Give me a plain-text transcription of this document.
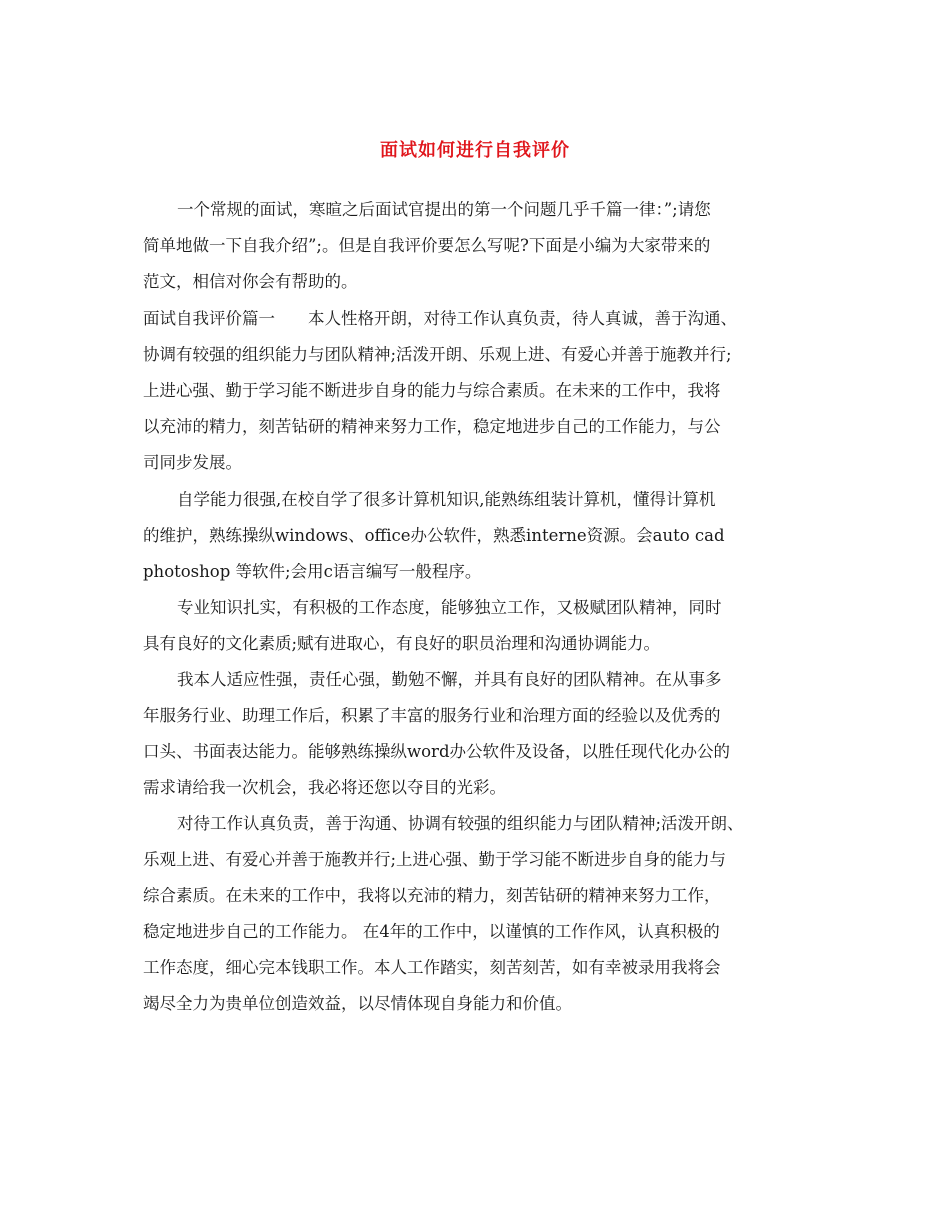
面试如何进行自我评价

一个常规的面试，寒暄之后面试官提出的第一个问题几乎千篇一律：”;请您

简单地做一下自我介绍”;。但是自我评价要怎么写呢?下面是小编为大家带来的

范文，相信对你会有帮助的。

面试自我评价篇一　　本人性格开朗，对待工作认真负责，待人真诚，善于沟通、

协调有较强的组织能力与团队精神;活泼开朗、乐观上进、有爱心并善于施教并行;

上进心强、勤于学习能不断进步自身的能力与综合素质。在未来的工作中，我将

以充沛的精力，刻苦钻研的精神来努力工作，稳定地进步自己的工作能力，与公

司同步发展。

自学能力很强,在校自学了很多计算机知识,能熟练组装计算机，懂得计算机

的维护，熟练操纵windows、office办公软件，熟悉interne资源。会auto cad

photoshop 等软件;会用c语言编写一般程序。

专业知识扎实，有积极的工作态度，能够独立工作，又极赋团队精神，同时

具有良好的文化素质;赋有进取心，有良好的职员治理和沟通协调能力。

我本人适应性强，责任心强，勤勉不懈，并具有良好的团队精神。在从事多

年服务行业、助理工作后，积累了丰富的服务行业和治理方面的经验以及优秀的

口头、书面表达能力。能够熟练操纵word办公软件及设备，以胜任现代化办公的

需求请给我一次机会，我必将还您以夺目的光彩。

对待工作认真负责，善于沟通、协调有较强的组织能力与团队精神;活泼开朗、

乐观上进、有爱心并善于施教并行;上进心强、勤于学习能不断进步自身的能力与

综合素质。在未来的工作中，我将以充沛的精力，刻苦钻研的精神来努力工作，

稳定地进步自己的工作能力。 在4年的工作中，以谨慎的工作作风，认真积极的

工作态度，细心完本钱职工作。本人工作踏实，刻苦刻苦，如有幸被录用我将会

竭尽全力为贵单位创造效益，以尽情体现自身能力和价值。
